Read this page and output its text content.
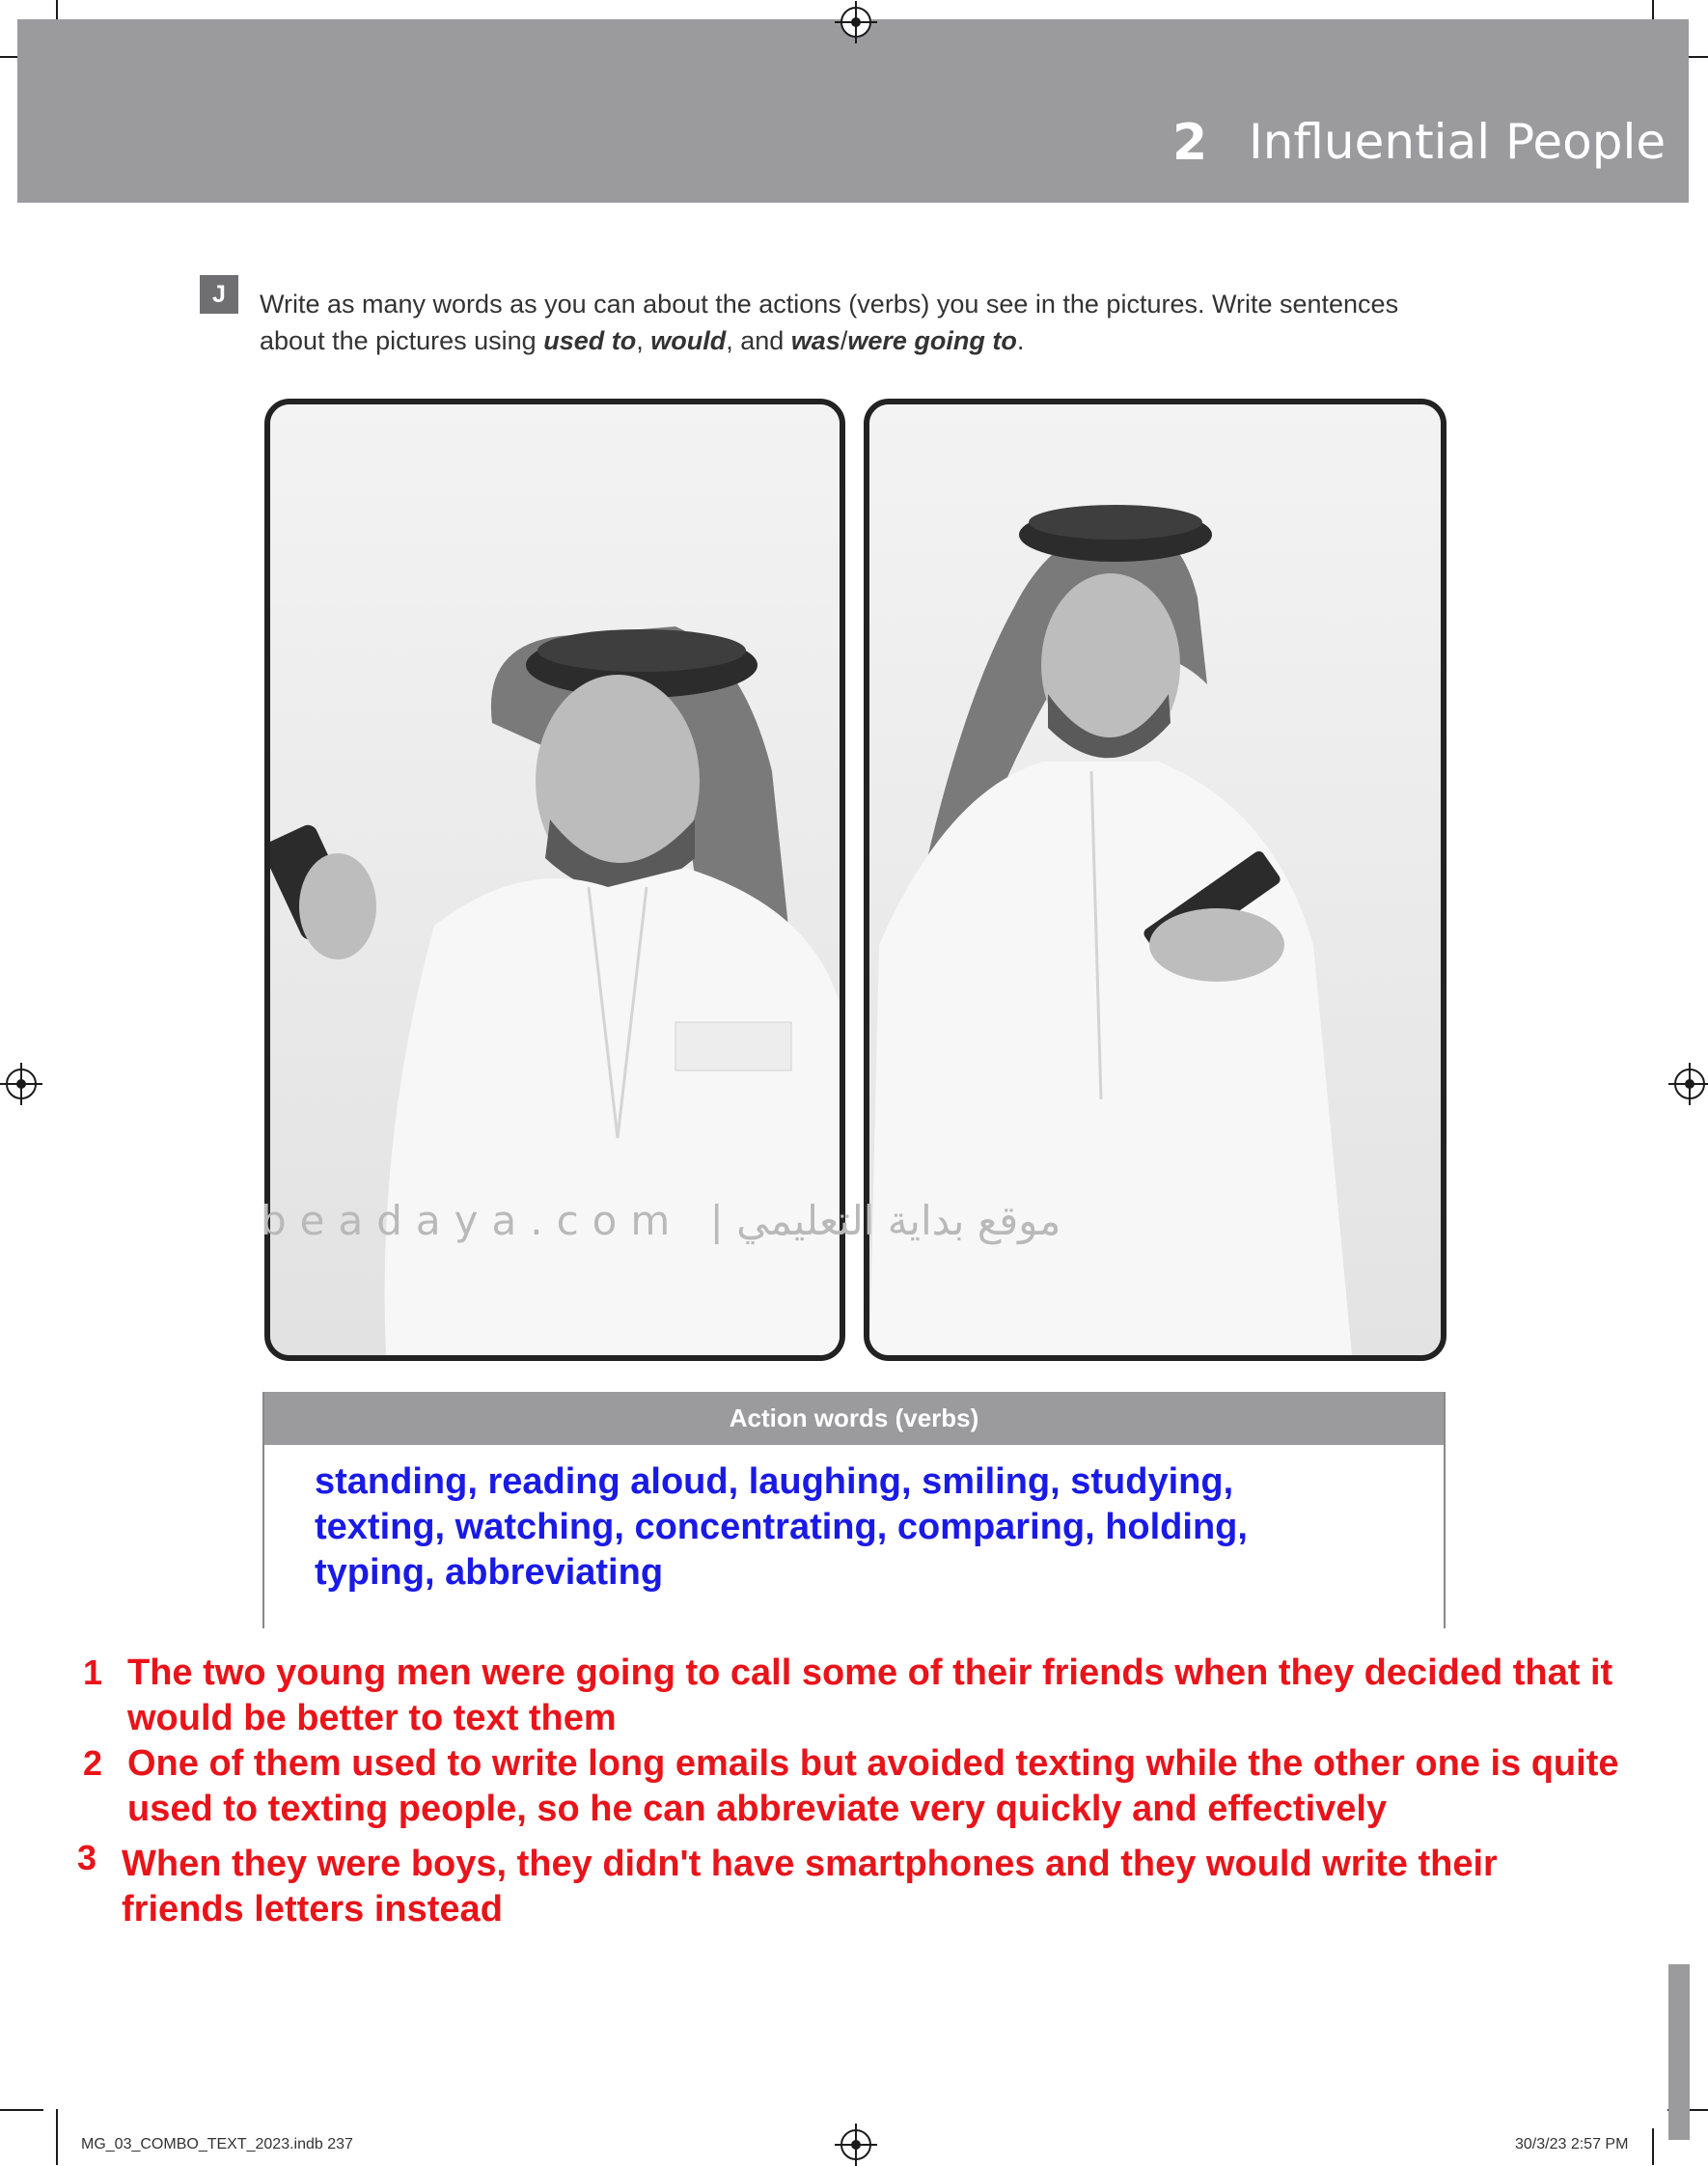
2 Influential People
J	Write as many words as you can about the actions (verbs) you see in the pictures. Write sentences
about the pictures using used to, would, and was/were going to.
beadaya.com | موقع بداية التعليمي
Action words (verbs)
standing, reading aloud, laughing, smiling, studying,
texting, watching, concentrating, comparing, holding,
typing, abbreviating
1 The two young men were going to call some of their friends when they decided that it
would be better to text them
2 One of them used to write long emails but avoided texting while the other one is quite
used to texting people, so he can abbreviate very quickly and effectively
3 When they were boys, they didn't have smartphones and they would write their
friends letters instead
MG_03_COMBO_TEXT_2023.indb 237	30/3/23 2:57 PM
